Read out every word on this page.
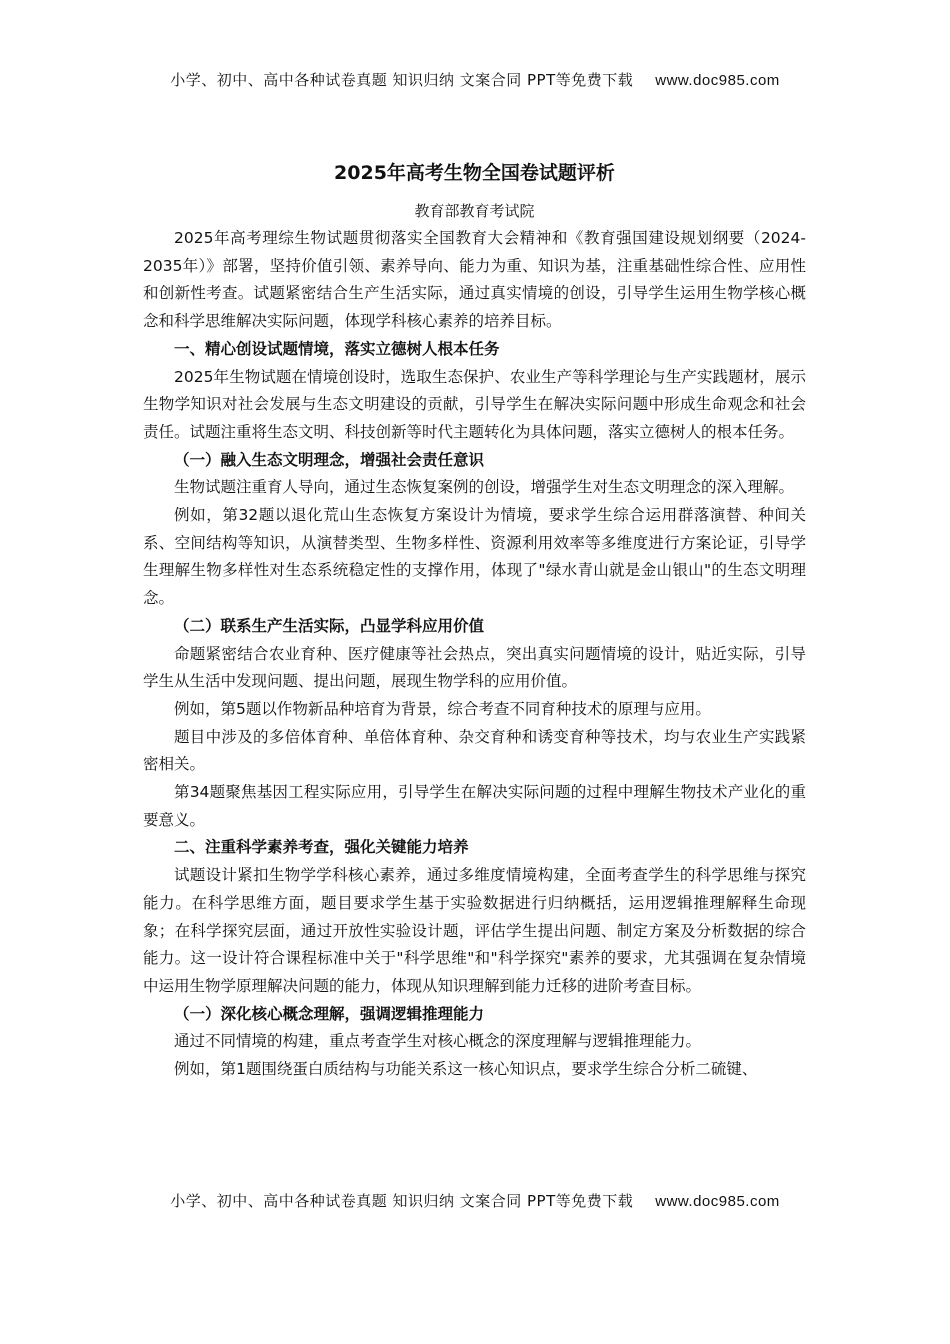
小学、初中、高中各种试卷真题 知识归纳 文案合同 PPT等免费下载 www.doc985.com
2025年高考生物全国卷试题评析
教育部教育考试院

2025年高考理综生物试题贯彻落实全国教育大会精神和《教育强国建设规划纲要（2024-2035年）》部署，坚持价值引领、素养导向、能力为重、知识为基，注重基础性综合性、应用性和创新性考查。试题紧密结合生产生活实际，通过真实情境的创设，引导学生运用生物学核心概念和科学思维解决实际问题，体现学科核心素养的培养目标。

一、精心创设试题情境，落实立德树人根本任务

2025年生物试题在情境创设时，选取生态保护、农业生产等科学理论与生产实践题材，展示生物学知识对社会发展与生态文明建设的贡献，引导学生在解决实际问题中形成生命观念和社会责任。试题注重将生态文明、科技创新等时代主题转化为具体问题，落实立德树人的根本任务。

（一）融入生态文明理念，增强社会责任意识

生物试题注重育人导向，通过生态恢复案例的创设，增强学生对生态文明理念的深入理解。

例如，第32题以退化荒山生态恢复方案设计为情境，要求学生综合运用群落演替、种间关系、空间结构等知识，从演替类型、生物多样性、资源利用效率等多维度进行方案论证，引导学生理解生物多样性对生态系统稳定性的支撑作用，体现了"绿水青山就是金山银山"的生态文明理念。

（二）联系生产生活实际，凸显学科应用价值

命题紧密结合农业育种、医疗健康等社会热点，突出真实问题情境的设计，贴近实际，引导学生从生活中发现问题、提出问题，展现生物学科的应用价值。

例如，第5题以作物新品种培育为背景，综合考查不同育种技术的原理与应用。

题目中涉及的多倍体育种、单倍体育种、杂交育种和诱变育种等技术，均与农业生产实践紧密相关。

第34题聚焦基因工程实际应用，引导学生在解决实际问题的过程中理解生物技术产业化的重要意义。

二、注重科学素养考查，强化关键能力培养

试题设计紧扣生物学学科核心素养，通过多维度情境构建，全面考查学生的科学思维与探究能力。在科学思维方面，题目要求学生基于实验数据进行归纳概括，运用逻辑推理解释生命现象；在科学探究层面，通过开放性实验设计题，评估学生提出问题、制定方案及分析数据的综合能力。这一设计符合课程标准中关于"科学思维"和"科学探究"素养的要求，尤其强调在复杂情境中运用生物学原理解决问题的能力，体现从知识理解到能力迁移的进阶考查目标。

（一）深化核心概念理解，强调逻辑推理能力

通过不同情境的构建，重点考查学生对核心概念的深度理解与逻辑推理能力。

例如，第1题围绕蛋白质结构与功能关系这一核心知识点，要求学生综合分析二硫键、

小学、初中、高中各种试卷真题 知识归纳 文案合同 PPT等免费下载 www.doc985.com
